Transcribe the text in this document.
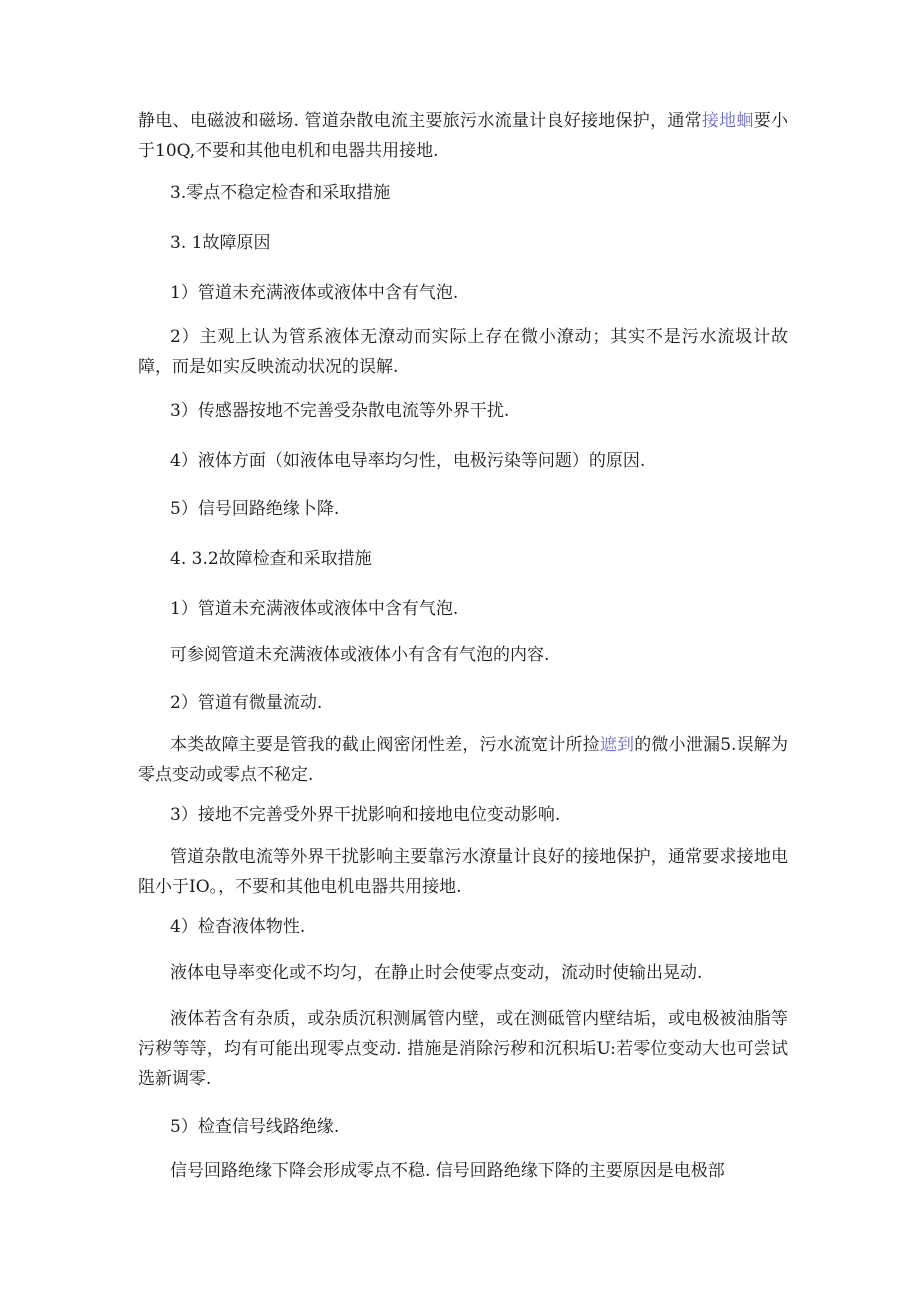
静电、电磁波和磁场. 管道杂散电流主要旅污水流量计良好接地保护，通常接地蛔要小于10Q,不要和其他电机和电器共用接地.

3.零点不稳定检杳和采取措施

3. 1故障原因

1）管道未充满液体或液体中含有气泡.

2）主观上认为管系液体无潦动而实际上存在微小潦动；其实不是污水流圾计故障，而是如实反映流动状况的误解.

3）传感器按地不完善受杂散电流等外界干扰.

4）液体方面（如液体电导率均匀性，电极污染等问题）的原因.

5）信号回路绝缘卜降.

4. 3.2故障检查和采取措施

1）管道未充满液体或液体中含有气泡.

可参阅管道未充满液体或液体小有含有气泡的内容.

2）管道有微量流动.

本类故障主要是管我的截止阀密闭性差，污水流宽计所捡遮到的微小泄漏5.误解为零点变动或零点不秘定.

3）接地不完善受外界干扰影响和接地电位变动影响.

管道杂散电流等外界干扰影响主要靠污水潦量计良好的接地保护，通常要求接地电阻小于IO。，不要和其他电机电器共用接地.

4）检杳液体物性.

液体电导率变化或不均匀，在静止时会使零点变动，流动时使输出晃动.

液体若含有杂质，或杂质沉积测属管内壁，或在测砥管内壁结垢，或电极被油脂等污秽等等，均有可能出现零点变动. 措施是消除污秽和沉积垢U:若零位变动大也可尝试选新调零.

5）检查信号线路绝缘.

信号回路绝缘下降会形成零点不稳. 信号回路绝缘下降的主要原因是电极部
